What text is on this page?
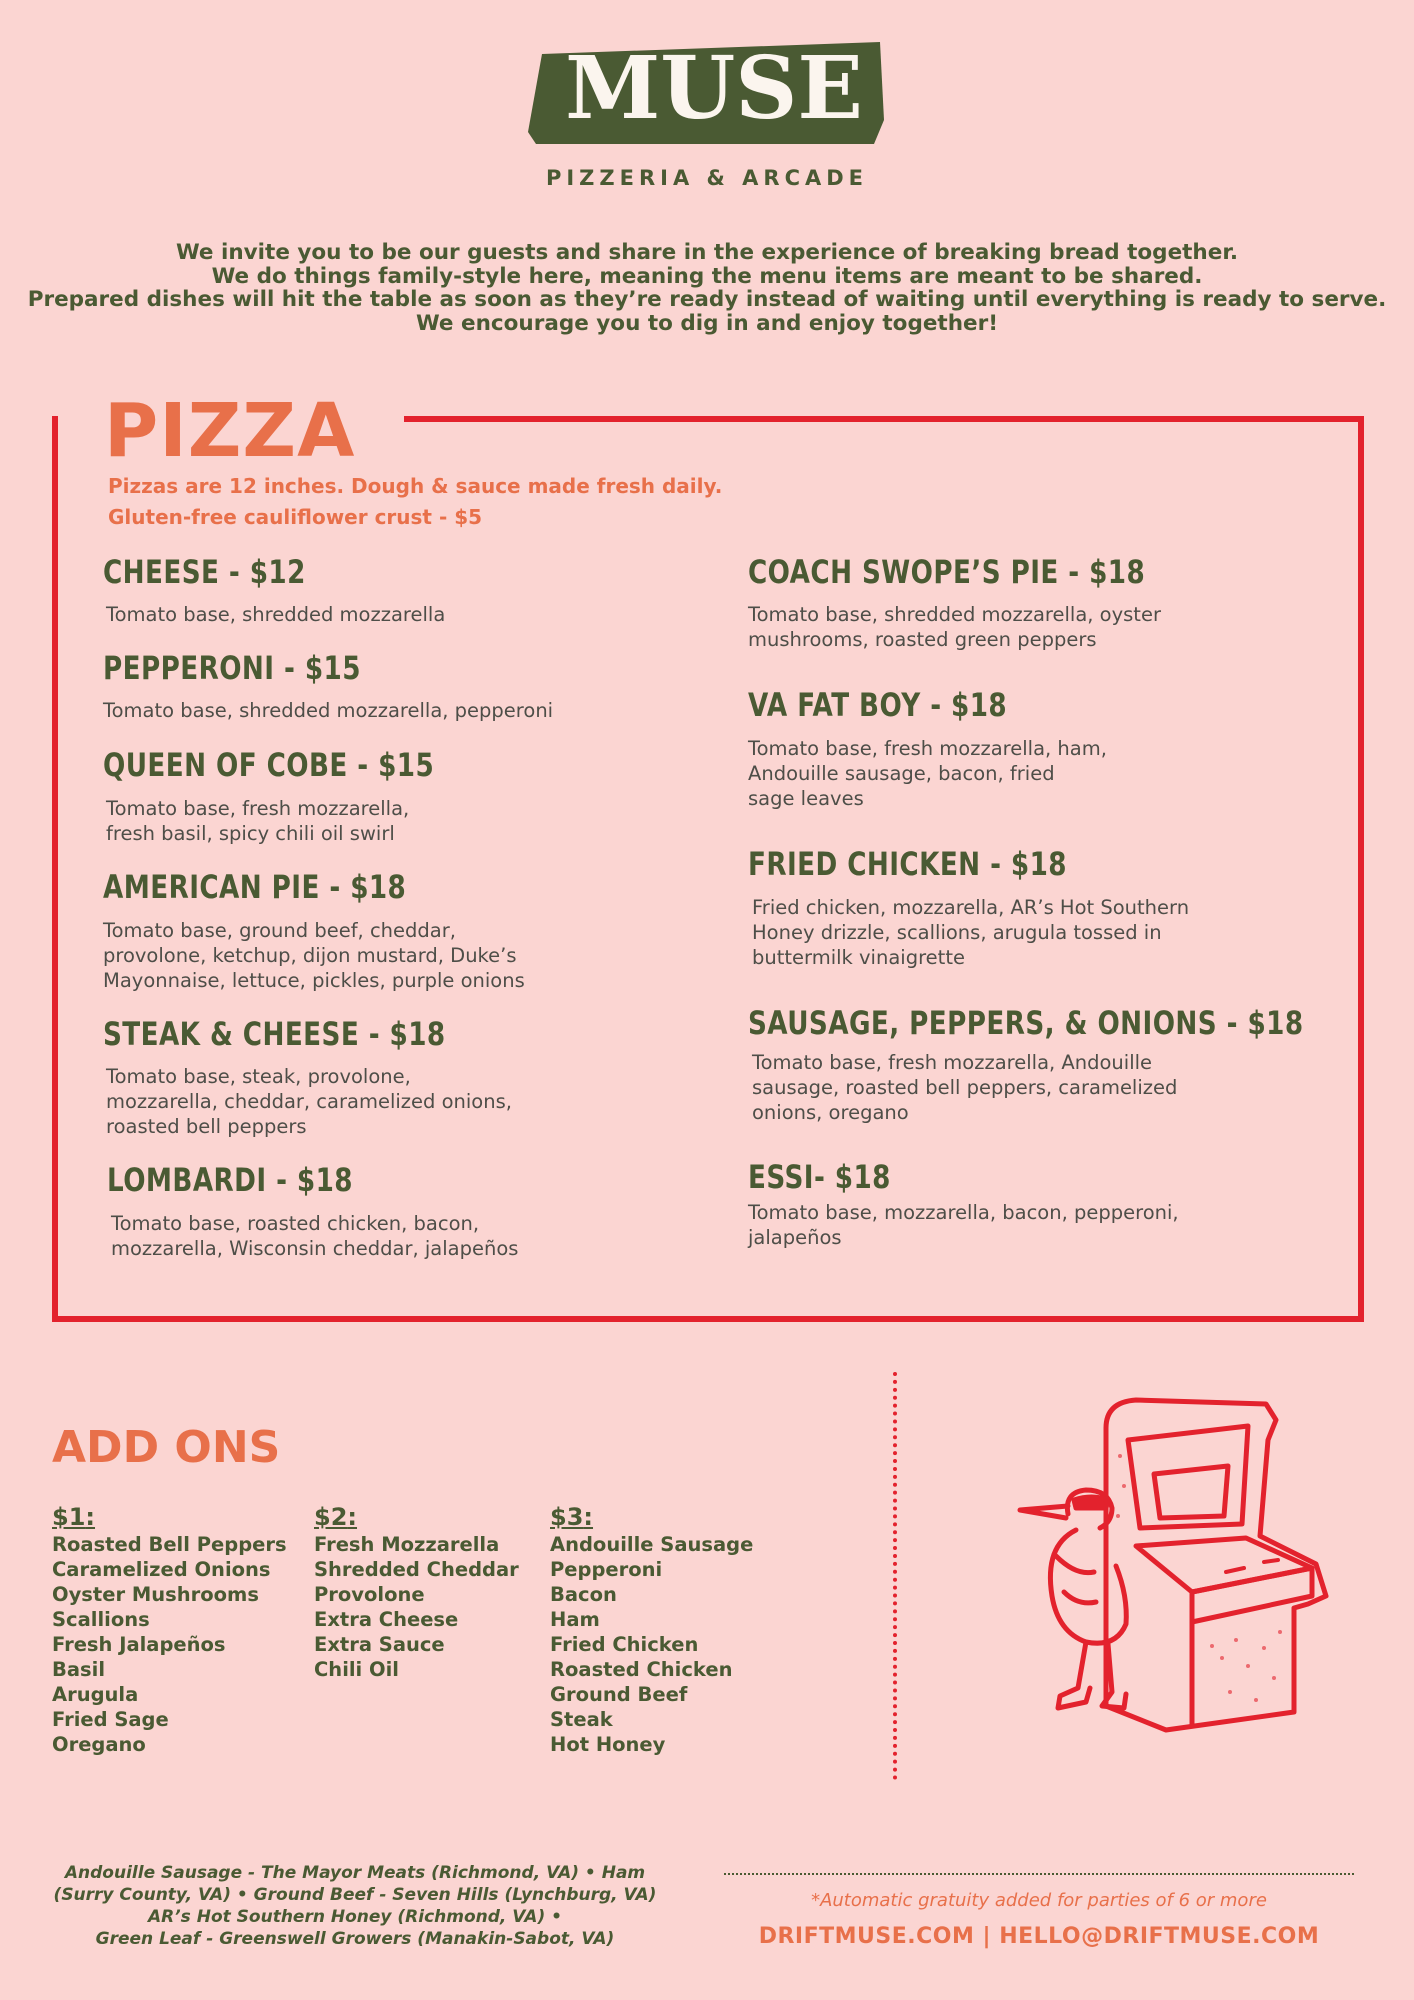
MUSE
PIZZERIA & ARCADE
We invite you to be our guests and share in the experience of breaking bread together.
We do things family-style here, meaning the menu items are meant to be shared.
Prepared dishes will hit the table as soon as they’re ready instead of waiting until everything is ready to serve.
We encourage you to dig in and enjoy together!
PIZZA
Pizzas are 12 inches. Dough & sauce made fresh daily.
Gluten-free cauliflower crust - $5
CHEESE - $12
Tomato base, shredded mozzarella
PEPPERONI - $15
Tomato base, shredded mozzarella, pepperoni
QUEEN OF COBE - $15
Tomato base, fresh mozzarella,
fresh basil, spicy chili oil swirl
AMERICAN PIE - $18
Tomato base, ground beef, cheddar,
provolone, ketchup, dijon mustard, Duke’s
Mayonnaise, lettuce, pickles, purple onions
STEAK & CHEESE - $18
Tomato base, steak, provolone,
mozzarella, cheddar, caramelized onions,
roasted bell peppers
LOMBARDI - $18
Tomato base, roasted chicken, bacon,
mozzarella, Wisconsin cheddar, jalapeños
COACH SWOPE’S PIE - $18
Tomato base, shredded mozzarella, oyster
mushrooms, roasted green peppers
VA FAT BOY - $18
Tomato base, fresh mozzarella, ham,
Andouille sausage, bacon, fried
sage leaves
FRIED CHICKEN - $18
Fried chicken, mozzarella, AR’s Hot Southern
Honey drizzle, scallions, arugula tossed in
buttermilk vinaigrette
SAUSAGE, PEPPERS, & ONIONS - $18
Tomato base, fresh mozzarella, Andouille
sausage, roasted bell peppers, caramelized
onions, oregano
ESSI- $18
Tomato base, mozzarella, bacon, pepperoni,
jalapeños
ADD ONS
$1:
Roasted Bell Peppers
Caramelized Onions
Oyster Mushrooms
Scallions
Fresh Jalapeños
Basil
Arugula
Fried Sage
Oregano
$2:
Fresh Mozzarella
Shredded Cheddar
Provolone
Extra Cheese
Extra Sauce
Chili Oil
$3:
Andouille Sausage
Pepperoni
Bacon
Ham
Fried Chicken
Roasted Chicken
Ground Beef
Steak
Hot Honey
Andouille Sausage - The Mayor Meats (Richmond, VA) • Ham
(Surry County, VA) • Ground Beef - Seven Hills (Lynchburg, VA)
AR’s Hot Southern Honey (Richmond, VA) •
Green Leaf - Greenswell Growers (Manakin-Sabot, VA)
*Automatic gratuity added for parties of 6 or more
DRIFTMUSE.COM | HELLO@DRIFTMUSE.COM
